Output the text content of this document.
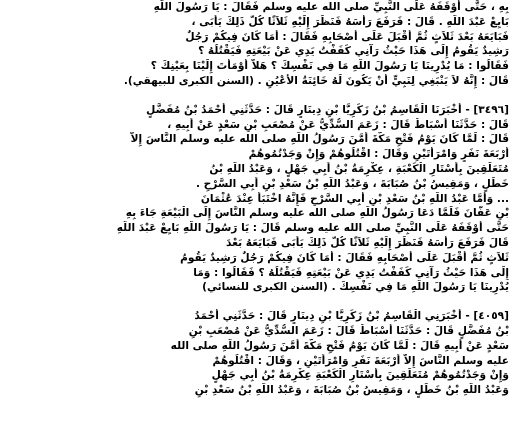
بِهِ ، حَتَّى أَوْقَفَهُ عَلَى النَّبِيِّ صلى الله عليه وسلم فَقَالَ : يَا رَسُولَ اللَّهِ
بَايِعْ عَبْدَ اللَّهِ . قَالَ : فَرَفَعَ رَأْسَهُ فَنَظَرَ إِلَيْهِ ثَلاَثًا كُلُّ ذَلِكَ يَأْبَى ،
فَبَايَعَهُ بَعْدَ ثَلاَثٍ ثُمَّ أَقْبَلَ عَلَى أَصْحَابِهِ فَقَالَ : أَمَا كَانَ فِيكُمْ رَجُلٌ
رَشِيدٌ يَقُومُ إِلَى هَذَا حَيْثُ رَآنِي كَفَفْتُ يَدِي عَنْ بَيْعَتِهِ فَيَقْتُلُهُ ؟
فَقَالُوا : مَا يُدْرِينَا يَا رَسُولَ اللَّهِ مَا فِي نَفْسِكَ ؟ هَلاَّ أَوْمَأْتَ إِلَيْنَا بِعَيْنِكَ ؟
قَالَ : إِنَّهُ لاَ يَنْبَغِي لِنَبِيٍّ أَنْ يَكُونَ لَهُ خَائِنَةُ الأَعْيُنِ . (السنن الكبرى للبيهقي).
[٣٤٩٦] - أَخْبَرَنَا الْقَاسِمُ بْنُ زَكَرِيَّا بْنِ دِينَارٍ قَالَ : حَدَّثَنِي أَحْمَدُ بْنُ مُفَضَّلٍ
قَالَ : حَدَّثَنَا أَسْبَاطٌ قَالَ : زَعَمَ السُّدِّيُّ عَنْ مُصْعَبِ بْنِ سَعْدٍ عَنْ أَبِيهِ ،
قَالَ : لَمَّا كَانَ يَوْمُ فَتْحِ مَكَّةَ أَمَّنَ رَسُولُ اللَّهِ صلى الله عليه وسلم النَّاسَ إِلاَّ
أَرْبَعَةَ نَفَرٍ وَامْرَأَتَيْنِ وَقَالَ : اقْتُلُوهُمْ وَإِنْ وَجَدْتُمُوهُمْ
مُتَعَلِّقِينَ بِأَسْتَارِ الْكَعْبَةِ ، عِكْرِمَةُ بْنُ أَبِي جَهْلٍ ، وَعَبْدُ اللَّهِ بْنُ
خَطَلٍ ، وَمَقِيسُ بْنُ صُبَابَةَ ، وَعَبْدُ اللَّهِ بْنُ سَعْدِ بْنِ أَبِي السَّرْحِ .
... وَأَمَّا عَبْدُ اللَّهِ بْنُ سَعْدِ بْنِ أَبِي السَّرْحِ فَإِنَّهُ اخْتَبَأَ عِنْدَ عُثْمَانَ
بْنِ عَفَّانَ فَلَمَّا دَعَا رَسُولُ اللَّهِ صلى الله عليه وسلم النَّاسَ إِلَى الْبَيْعَةِ جَاءَ بِهِ
حَتَّى أَوْقَفَهُ عَلَى النَّبِيِّ صلى الله عليه وسلم قَالَ : يَا رَسُولَ اللَّهِ بَايِعْ عَبْدَ اللَّهِ
قَالَ فَرَفَعَ رَأْسَهُ فَنَظَرَ إِلَيْهِ ثَلاَثًا كُلُّ ذَلِكَ يَأْبَى فَبَايَعَهُ بَعْدَ
ثَلاَثٍ ثُمَّ أَقْبَلَ عَلَى أَصْحَابِهِ فَقَالَ : أَمَا كَانَ فِيكُمْ رَجُلٌ رَشِيدٌ يَقُومُ
إِلَى هَذَا حَيْثُ رَآنِي كَفَفْتُ يَدِي عَنْ بَيْعَتِهِ فَيَقْتُلُهُ ؟ فَقَالُوا : وَمَا
يُدْرِينَا يَا رَسُولَ اللَّهِ مَا فِي نَفْسِكَ . (السنن الكبرى للنسائي)
[٤٠٥٩] - أَخْبَرَنِي الْقَاسِمُ بْنُ زَكَرِيَّا بْنِ دِينَارٍ قَالَ : حَدَّثَنِي أَحْمَدُ
بْنُ مُفَضَّلٍ قَالَ : حَدَّثَنَا أَسْبَاطٌ قَالَ : زَعَمَ السُّدِّيُّ عَنْ مُصْعَبِ بْنِ
سَعْدٍ عَنْ أَبِيهِ قَالَ : لَمَّا كَانَ يَوْمُ فَتْحِ مَكَّةَ أَمَّنَ رَسُولُ اللَّهِ صلى الله
عليه وسلم النَّاسَ إِلاَّ أَرْبَعَةَ نَفَرٍ وَامْرَأَتَيْنِ ، وَقَالَ : اقْتُلُوهُمْ
وَإِنْ وَجَدْتُمُوهُمْ مُتَعَلِّقِينَ بِأَسْتَارِ الْكَعْبَةِ عِكْرِمَةُ بْنُ أَبِي جَهْلٍ
وَعَبْدُ اللَّهِ بْنُ خَطَلٍ ، وَمَقِيسُ بْنُ صُبَابَةَ ، وَعَبْدُ اللَّهِ بْنُ سَعْدِ بْنِ
